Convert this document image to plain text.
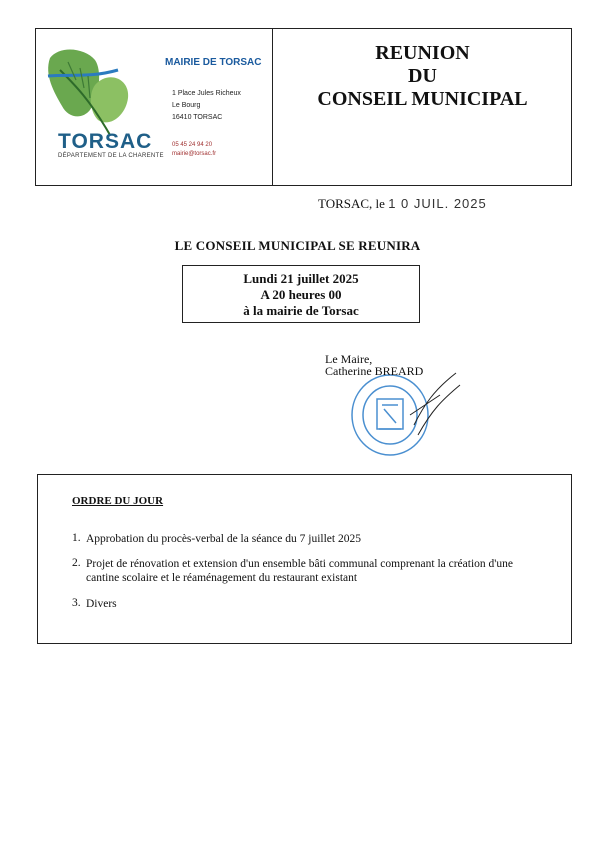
TORSAC
DÉPARTEMENT DE LA CHARENTE
MAIRIE DE TORSAC
1 Place Jules Richeux
Le Bourg
16410 TORSAC
05 45 24 94 20
mairie@torsac.fr
REUNION
DU
CONSEIL MUNICIPAL
TORSAC, le 1 0 JUIL. 2025
LE CONSEIL MUNICIPAL SE REUNIRA
Lundi 21 juillet 2025
A 20 heures 00
à la mairie de Torsac
Le Maire,
Catherine BREARD
ORDRE DU JOUR
1. Approbation du procès-verbal de la séance du 7 juillet 2025
2. Projet de rénovation et extension d'un ensemble bâti communal comprenant la création d'une cantine scolaire et le réaménagement du restaurant existant
3. Divers
